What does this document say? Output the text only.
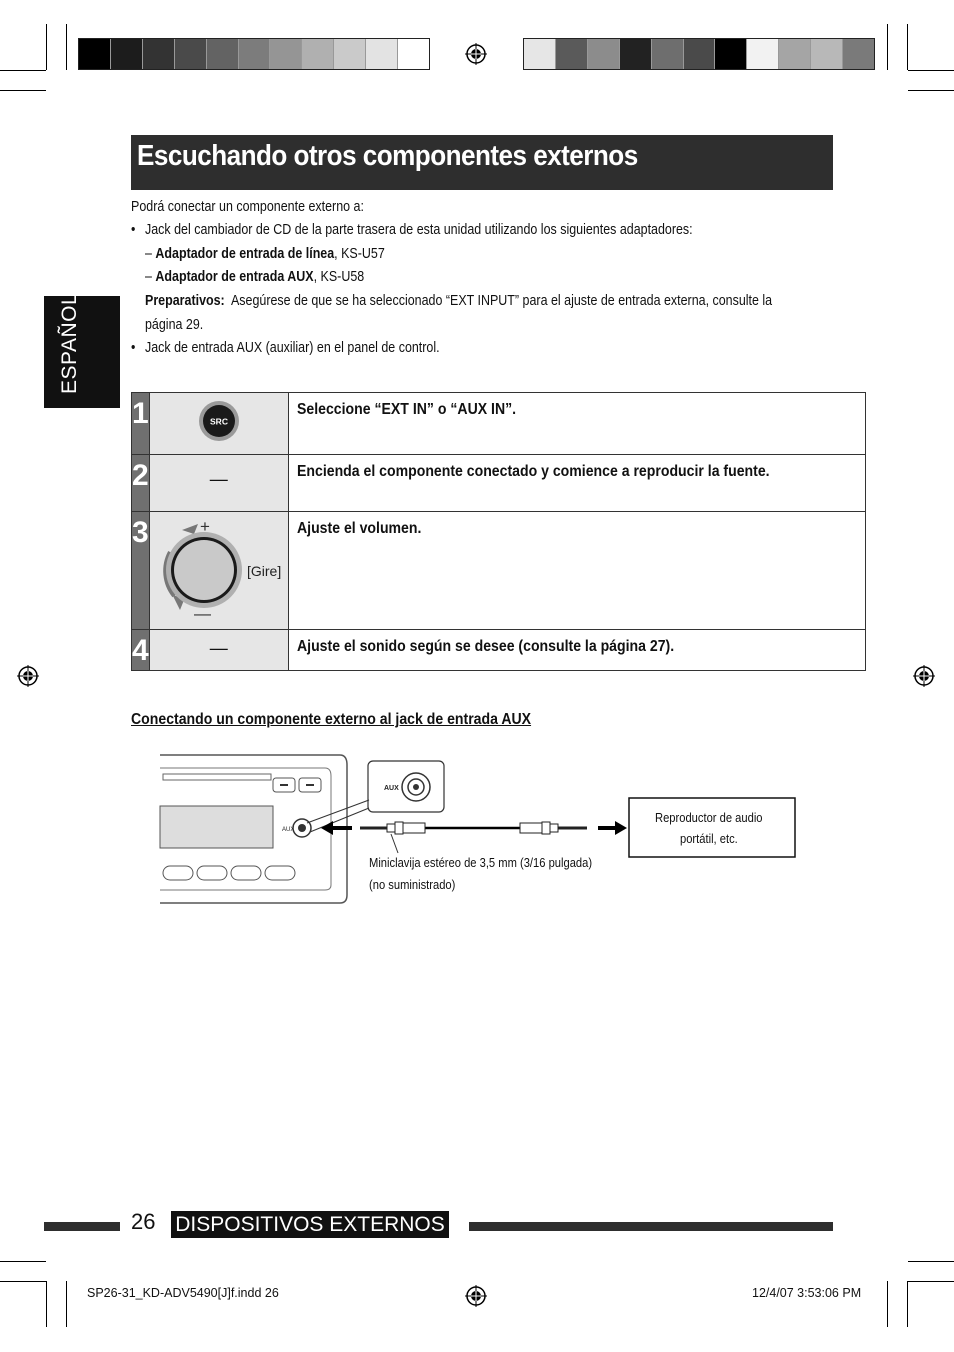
Escuchando otros componentes externos
ESPAÑOL
Podrá conectar un componente externo a:
• Jack del cambiador de CD de la parte trasera de esta unidad utilizando los siguientes adaptadores:
– Adaptador de entrada de línea, KS-U57
– Adaptador de entrada AUX, KS-U58
Preparativos: Asegúrese de que se ha seleccionado “EXT INPUT” para el ajuste de entrada externa, consulte la
página 29.
• Jack de entrada AUX (auxiliar) en el panel de control.
1	SRC	Seleccione “EXT IN” o “AUX IN”.

2	—	Encienda el componente conectado y comience a reproducir la fuente.

3	+
—
[Gire]	Ajuste el volumen.

4	—	Ajuste el sonido según se desee (consulte la página 27).
Conectando un componente externo al jack de entrada AUX
AUX
AUX
Reproductor de audio
portátil, etc.
Miniclavija estéreo de 3,5 mm (3/16 pulgada)
(no suministrado)
26 DISPOSITIVOS EXTERNOS
SP26-31_KD-ADV5490[J]f.indd 26	12/4/07 3:53:06 PM
